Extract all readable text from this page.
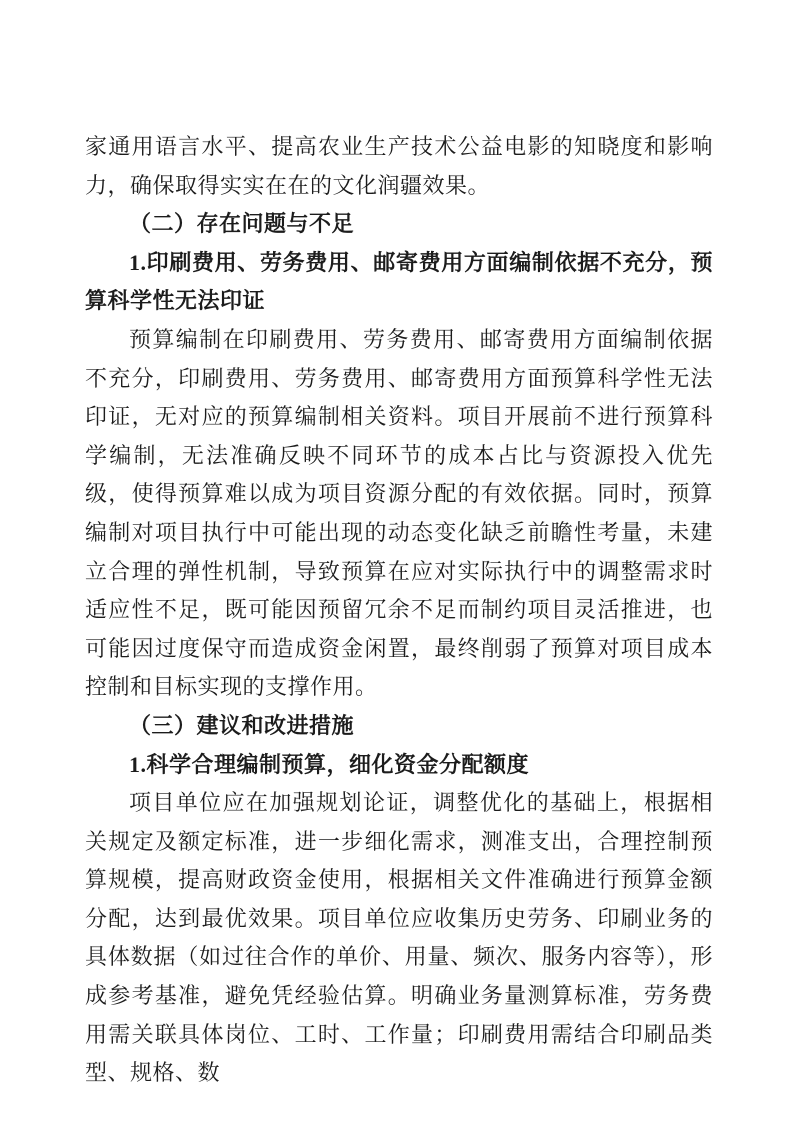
家通用语言水平、提高农业生产技术公益电影的知晓度和影响力，确保取得实实在在的文化润疆效果。

（二）存在问题与不足

1.印刷费用、劳务费用、邮寄费用方面编制依据不充分，预算科学性无法印证

预算编制在印刷费用、劳务费用、邮寄费用方面编制依据不充分，印刷费用、劳务费用、邮寄费用方面预算科学性无法印证，无对应的预算编制相关资料。项目开展前不进行预算科学编制，无法准确反映不同环节的成本占比与资源投入优先级，使得预算难以成为项目资源分配的有效依据。同时，预算编制对项目执行中可能出现的动态变化缺乏前瞻性考量，未建立合理的弹性机制，导致预算在应对实际执行中的调整需求时适应性不足，既可能因预留冗余不足而制约项目灵活推进，也可能因过度保守而造成资金闲置，最终削弱了预算对项目成本控制和目标实现的支撑作用。

（三）建议和改进措施

1.科学合理编制预算，细化资金分配额度

项目单位应在加强规划论证，调整优化的基础上，根据相关规定及额定标准，进一步细化需求，测准支出，合理控制预算规模，提高财政资金使用，根据相关文件准确进行预算金额分配，达到最优效果。项目单位应收集历史劳务、印刷业务的具体数据（如过往合作的单价、用量、频次、服务内容等），形成参考基准，避免凭经验估算。明确业务量测算标准，劳务费用需关联具体岗位、工时、工作量；印刷费用需结合印刷品类型、规格、数
